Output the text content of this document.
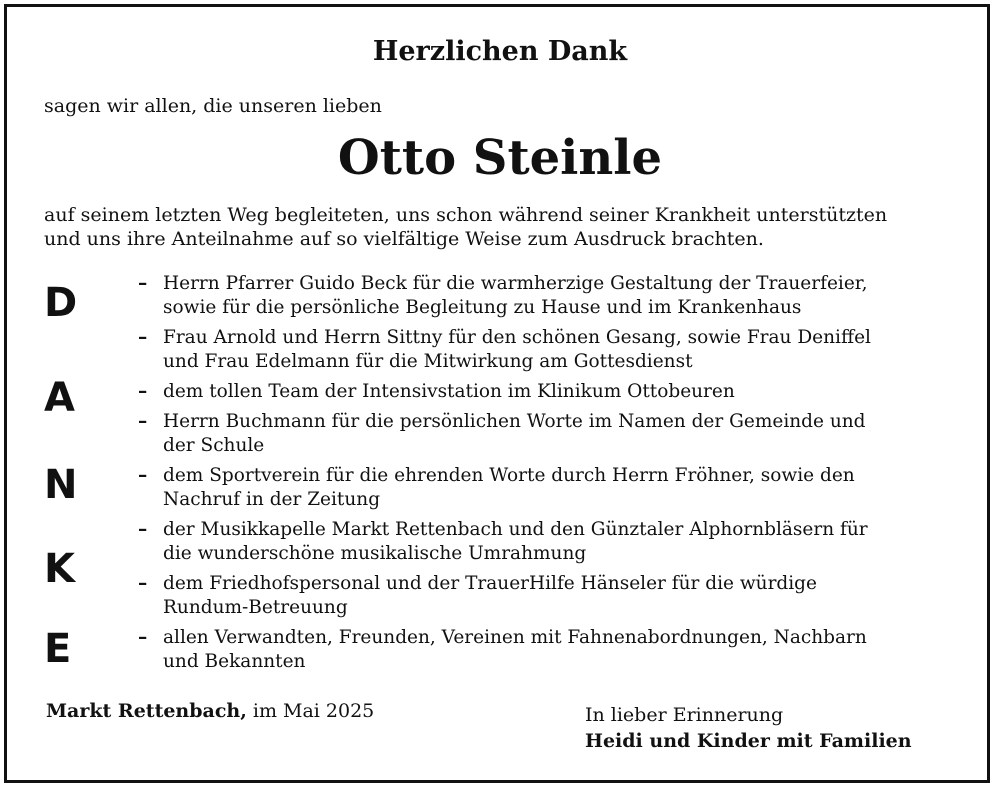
Herzlichen Dank
sagen wir allen, die unseren lieben
Otto Steinle
auf seinem letzten Weg begleiteten, uns schon während seiner Krankheit unterstützten
und uns ihre Anteilnahme auf so vielfältige Weise zum Ausdruck brachten.
D
A
N
K
E
– Herrn Pfarrer Guido Beck für die warmherzige Gestaltung der Trauerfeier,
sowie für die persönliche Begleitung zu Hause und im Krankenhaus
– Frau Arnold und Herrn Sittny für den schönen Gesang, sowie Frau Deniffel
und Frau Edelmann für die Mitwirkung am Gottesdienst
– dem tollen Team der Intensivstation im Klinikum Ottobeuren
– Herrn Buchmann für die persönlichen Worte im Namen der Gemeinde und
der Schule
– dem Sportverein für die ehrenden Worte durch Herrn Fröhner, sowie den
Nachruf in der Zeitung
– der Musikkapelle Markt Rettenbach und den Günztaler Alphornbläsern für
die wunderschöne musikalische Umrahmung
– dem Friedhofspersonal und der TrauerHilfe Hänseler für die würdige
Rundum-Betreuung
– allen Verwandten, Freunden, Vereinen mit Fahnenabordnungen, Nachbarn
und Bekannten
Markt Rettenbach, im Mai 2025	In lieber Erinnerung
Heidi und Kinder mit Familien
